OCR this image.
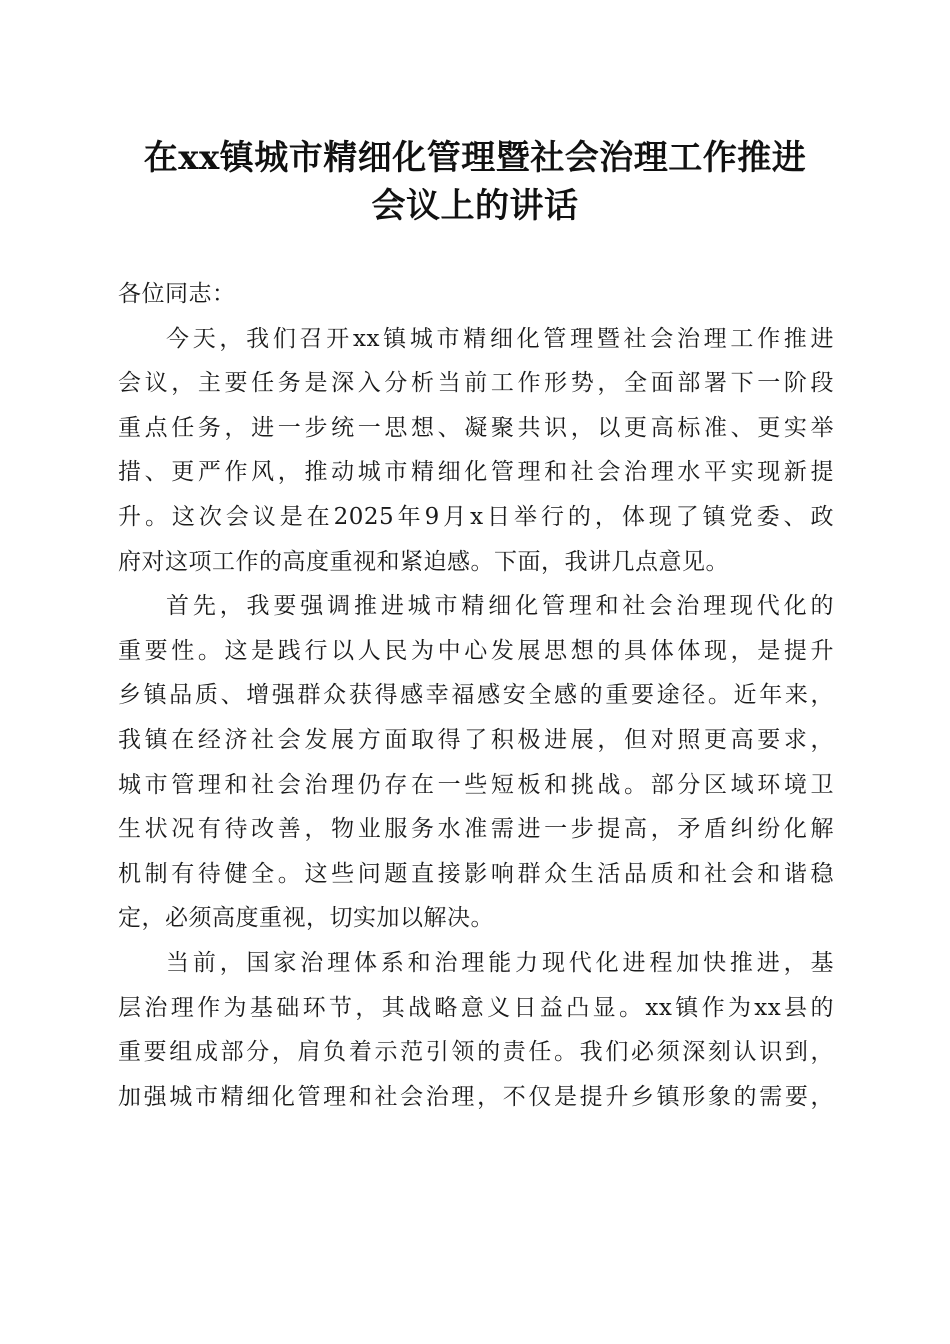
在xx镇城市精细化管理暨社会治理工作推进
会议上的讲话
各位同志：
今天，我们召开xx镇城市精细化管理暨社会治理工作推进
会议，主要任务是深入分析当前工作形势，全面部署下一阶段
重点任务，进一步统一思想、凝聚共识，以更高标准、更实举
措、更严作风，推动城市精细化管理和社会治理水平实现新提
升。这次会议是在2025年9月x日举行的，体现了镇党委、政
府对这项工作的高度重视和紧迫感。下面，我讲几点意见。
首先，我要强调推进城市精细化管理和社会治理现代化的
重要性。这是践行以人民为中心发展思想的具体体现，是提升
乡镇品质、增强群众获得感幸福感安全感的重要途径。近年来，
我镇在经济社会发展方面取得了积极进展，但对照更高要求，
城市管理和社会治理仍存在一些短板和挑战。部分区域环境卫
生状况有待改善，物业服务水准需进一步提高，矛盾纠纷化解
机制有待健全。这些问题直接影响群众生活品质和社会和谐稳
定，必须高度重视，切实加以解决。
当前，国家治理体系和治理能力现代化进程加快推进，基
层治理作为基础环节，其战略意义日益凸显。xx镇作为xx县的
重要组成部分，肩负着示范引领的责任。我们必须深刻认识到，
加强城市精细化管理和社会治理，不仅是提升乡镇形象的需要，
